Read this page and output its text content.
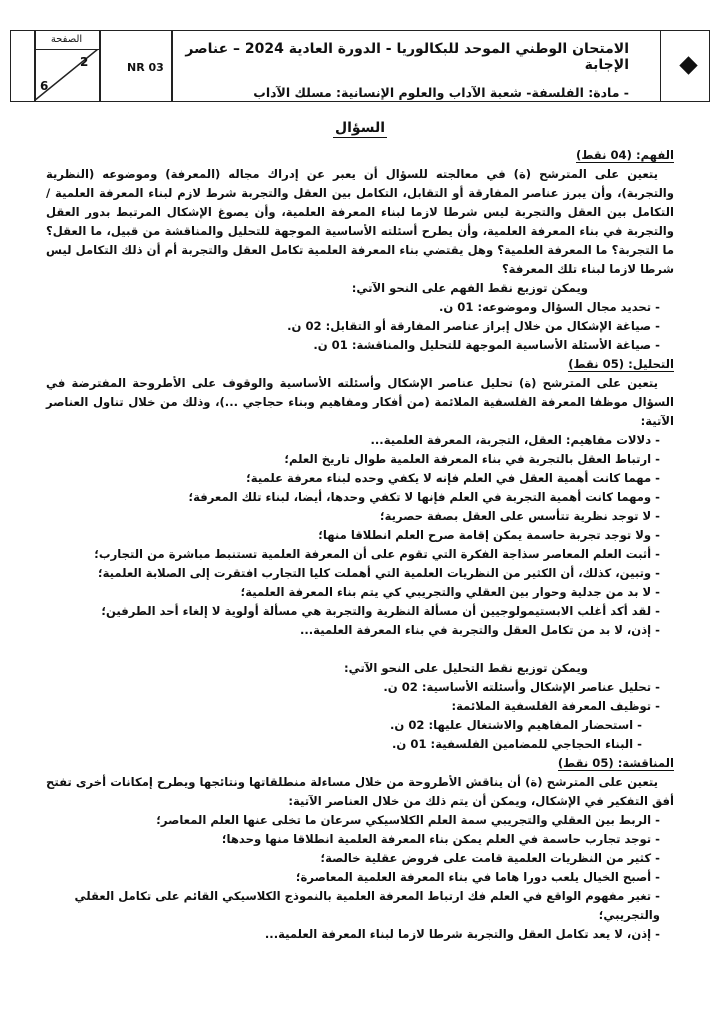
الامتحان الوطني الموحد للبكالوريا - الدورة العادية 2024 – عناصر الإجابة
- مادة: الفلسفة- شعبة الآداب والعلوم الإنسانية: مسلك الآداب
NR 03
الصفحة
2
6
السؤال

الفهم: (04 نقط)

يتعين على المترشح (ة) في معالجته للسؤال أن يعبر عن إدراك مجاله (المعرفة) وموضوعه (النظرية والتجربة)، وأن يبرز عناصر المفارقة أو التقابل، التكامل بين العقل والتجربة شرط لازم لبناء المعرفة العلمية / التكامل بين العقل والتجربة ليس شرطا لازما لبناء المعرفة العلمية، وأن يصوغ الإشكال المرتبط بدور العقل والتجربة في بناء المعرفة العلمية، وأن يطرح أسئلته الأساسية الموجهة للتحليل والمناقشة من قبيل، ما العقل؟ ما التجربة؟ ما المعرفة العلمية؟ وهل يقتضي بناء المعرفة العلمية تكامل العقل والتجربة أم أن ذلك التكامل ليس شرطا لازما لبناء تلك المعرفة؟

ويمكن توزيع نقط الفهم على النحو الآتي:

- تحديد مجال السؤال وموضوعه: 01 ن.

- صياغة الإشكال من خلال إبراز عناصر المفارقة أو التقابل: 02 ن.

- صياغة الأسئلة الأساسية الموجهة للتحليل والمناقشة: 01 ن.

التحليل: (05 نقط)

يتعين على المترشح (ة) تحليل عناصر الإشكال وأسئلته الأساسية والوقوف على الأطروحة المفترضة في السؤال موظفا المعرفة الفلسفية الملائمة (من أفكار ومفاهيم وبناء حجاجي ...)، وذلك من خلال تناول العناصر الآتية:

- دلالات مفاهيم: العقل، التجربة، المعرفة العلمية...

- ارتباط العقل بالتجربة في بناء المعرفة العلمية طوال تاريخ العلم؛

- مهما كانت أهمية العقل في العلم فإنه لا يكفي وحده لبناء معرفة علمية؛

- ومهما كانت أهمية التجربة في العلم فإنها لا تكفي وحدها، أيضا، لبناء تلك المعرفة؛

- لا توجد نظرية تتأسس على العقل بصفة حصرية؛

- ولا توجد تجربة حاسمة يمكن إقامة صرح العلم انطلاقا منها؛

- أثبت العلم المعاصر سذاجة الفكرة التي تقوم على أن المعرفة العلمية تستنبط مباشرة من التجارب؛

- وتبين، كذلك، أن الكثير من النظريات العلمية التي أهملت كليا التجارب افتقرت إلى الصلابة العلمية؛

- لا بد من جدلية وحوار بين العقلي والتجريبي كي يتم بناء المعرفة العلمية؛

- لقد أكد أغلب الابستيمولوجيين أن مسألة النظرية والتجربة هي مسألة أولوية لا إلغاء أحد الطرفين؛

- إذن، لا بد من تكامل العقل والتجربة في بناء المعرفة العلمية...

ويمكن توزيع نقط التحليل على النحو الآتي:

- تحليل عناصر الإشكال وأسئلته الأساسية: 02 ن.

- توظيف المعرفة الفلسفية الملائمة:

- استحضار المفاهيم والاشتغال عليها: 02 ن.

- البناء الحجاجي للمضامين الفلسفية: 01 ن.

المناقشة: (05 نقط)

يتعين على المترشح (ة) أن يناقش الأطروحة من خلال مساءلة منطلقاتها ونتائجها ويطرح إمكانات أخرى تفتح أفق التفكير في الإشكال، ويمكن أن يتم ذلك من خلال العناصر الآتية:

- الربط بين العقلي والتجريبي سمة العلم الكلاسيكي سرعان ما تخلى عنها العلم المعاصر؛

- توجد تجارب حاسمة في العلم يمكن بناء المعرفة العلمية انطلاقا منها وحدها؛

- كثير من النظريات العلمية قامت على فروض عقلية خالصة؛

- أصبح الخيال يلعب دورا هاما في بناء المعرفة العلمية المعاصرة؛

- تغير مفهوم الواقع في العلم فك ارتباط المعرفة العلمية بالنموذج الكلاسيكي القائم على تكامل العقلي والتجريبي؛

- إذن، لا يعد تكامل العقل والتجربة شرطا لازما لبناء المعرفة العلمية...
